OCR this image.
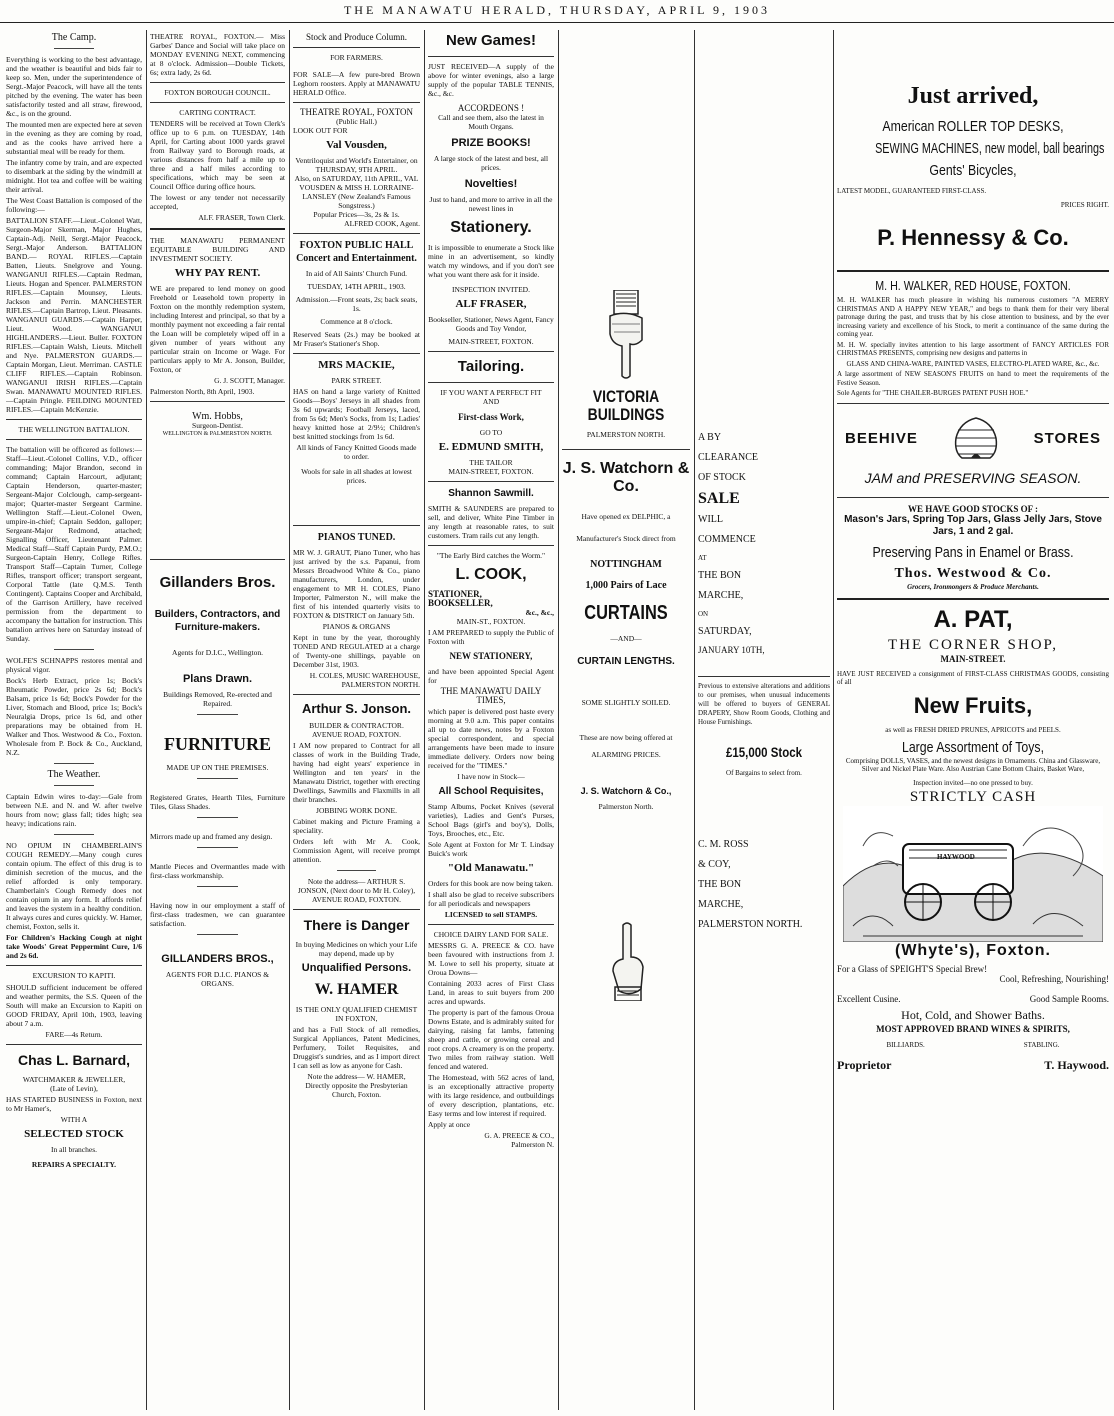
THE MANAWATU HERALD, THURSDAY, APRIL 9, 1903
The Camp.

Everything is working to the best advantage, and the weather is beautiful and bids fair to keep so. Men, under the superintendence of Sergt.-Major Peacock, will have all the tents pitched by the evening. The water has been satisfactorily tested and all straw, firewood, &c., is on the ground.

The mounted men are expected here at seven in the evening as they are coming by road, and as the cooks have arrived here a substantial meal will be ready for them.

The infantry come by train, and are expected to disembark at the siding by the windmill at midnight. Hot tea and coffee will be waiting their arrival.

The West Coast Battalion is composed of the following:—

BATTALION STAFF.—Lieut.-Colonel Watt, Surgeon-Major Skerman, Major Hughes, Captain-Adj. Neill, Sergt.-Major Peacock, Sergt.-Major Anderson. BATTALION BAND.— ROYAL RIFLES.—Captain Batten, Lieuts. Snelgrove and Young. WANGANUI RIFLES.—Captain Redman, Lieuts. Hogan and Spencer. PALMERSTON RIFLES.—Captain Mounsey, Lieuts. Jackson and Perrin. MANCHESTER RIFLES.—Captain Bartrop, Lieut. Pleasants. WANGANUI GUARDS.—Captain Harper, Lieut. Wood. WANGANUI HIGHLANDERS.—Lieut. Buller. FOXTON RIFLES.—Captain Walsh, Lieuts. Mitchell and Nye. PALMERSTON GUARDS.—Captain Morgan, Lieut. Merriman. CASTLE CLIFF RIFLES.—Captain Robinson. WANGANUI IRISH RIFLES.—Captain Swan. MANAWATU MOUNTED RIFLES.—Captain Pringle. FEILDING MOUNTED RIFLES.—Captain McKenzie.

THE WELLINGTON BATTALION.

The battalion will be officered as follows:—Staff—Lieut.-Colonel Collins, V.D., officer commanding; Major Brandon, second in command; Captain Harcourt, adjutant; Captain Henderson, quarter-master; Sergeant-Major Colclough, camp-sergeant-major; Quarter-master Sergeant Carmine. Wellington Staff.—Lieut.-Colonel Owen, umpire-in-chief; Captain Seddon, galloper; Sergeant-Major Redmond, attached; Signalling Officer, Lieutenant Palmer. Medical Staff—Staff Captain Purdy, P.M.O.; Surgeon-Captain Henry, College Rifles. Transport Staff—Captain Turner, College Rifles, transport officer; transport sergeant, Corporal Tattle (late Q.M.S. Tenth Contingent). Captains Cooper and Archibald, of the Garrison Artillery, have received permission from the department to accompany the battalion for instruction. This battalion arrives here on Saturday instead of Sunday.

WOLFE'S SCHNAPPS restores mental and physical vigor.

Bock's Herb Extract, price 1s; Bock's Rheumatic Powder, price 2s 6d; Bock's Balsam, price 1s 6d; Bock's Powder for the Liver, Stomach and Blood, price 1s; Bock's Neuralgia Drops, price 1s 6d, and other preparations may be obtained from H. Walker and Thos. Westwood & Co., Foxton. Wholesale from P. Bock & Co., Auckland, N.Z.

The Weather.

Captain Edwin wires to-day:—Gale from between N.E. and N. and W. after twelve hours from now; glass fall; tides high; sea heavy; indications rain.

NO OPIUM IN CHAMBERLAIN'S COUGH REMEDY.—Many cough cures contain opium. The effect of this drug is to diminish secretion of the mucus, and the relief afforded is only temporary. Chamberlain's Cough Remedy does not contain opium in any form. It affords relief and leaves the system in a healthy condition. It always cures and cures quickly. W. Hamer, chemist, Foxton, sells it.

For Children's Hacking Cough at night take Woods' Great Peppermint Cure, 1/6 and 2s 6d.

EXCURSION TO KAPITI.

SHOULD sufficient inducement be offered and weather permits, the S.S. Queen of the South will make an Excursion to Kapiti on GOOD FRIDAY, April 10th, 1903, leaving about 7 a.m.

FARE—4s Return.
Chas L. Barnard,
WATCHMAKER & JEWELLER,
(Late of Levin),

HAS STARTED BUSINESS in Foxton, next to Mr Hamer's,

WITH A
SELECTED STOCK
In all branches.
REPAIRS A SPECIALTY.

THEATRE ROYAL, FOXTON.— Miss Garbes' Dance and Social will take place on MONDAY EVENING NEXT, commencing at 8 o'clock. Admission—Double Tickets, 6s; extra lady, 2s 6d.

FOXTON BOROUGH COUNCIL.
CARTING CONTRACT.

TENDERS will be received at Town Clerk's office up to 6 p.m. on TUESDAY, 14th April, for Carting about 1000 yards gravel from Railway yard to Borough roads, at various distances from half a mile up to three and a half miles according to specifications, which may be seen at Council Office during office hours.

The lowest or any tender not necessarily accepted,

ALF. FRASER, Town Clerk.

THE MANAWATU PERMANENT EQUITABLE BUILDING AND INVESTMENT SOCIETY.

WHY PAY RENT.

WE are prepared to lend money on good Freehold or Leasehold town property in Foxton on the monthly redemption system, including Interest and principal, so that by a monthly payment not exceeding a fair rental the Loan will be completely wiped off in a given number of years without any particular strain on Income or Wage. For particulars apply to Mr A. Jonson, Builder, Foxton, or

G. J. SCOTT, Manager.

Palmerston North, 8th April, 1903.

Wm. Hobbs,
Surgeon-Dentist.
WELLINGTON & PALMERSTON NORTH.
Gillanders Bros.
Builders, Contractors, and Furniture-makers.
Agents for D.I.C., Wellington.
Plans Drawn.
Buildings Removed, Re-erected and Repaired.
FURNITURE
MADE UP ON THE PREMISES.

Registered Grates, Hearth Tiles, Furniture Tiles, Glass Shades.

Mirrors made up and framed any design.

Mantle Pieces and Overmantles made with first-class workmanship.

Having now in our employment a staff of first-class tradesmen, we can guarantee satisfaction.

GILLANDERS BROS.,
AGENTS FOR D.I.C. PIANOS & ORGANS.
Stock and Produce Column.
FOR FARMERS.

FOR SALE—A few pure-bred Brown Leghorn roosters. Apply at MANAWATU HERALD Office.

THEATRE ROYAL, FOXTON
(Public Hall.)
LOOK OUT FOR
Val Vousden,
Ventriloquist and World's Entertainer, on
THURSDAY, 9TH APRIL.
Also, on SATURDAY, 11th APRIL, VAL VOUSDEN & MISS H. LORRAINE-LANSLEY (New Zealand's Famous Songstress.)
Popular Prices—3s, 2s & 1s.
ALFRED COOK, Agent.
FOXTON PUBLIC HALL Concert and Entertainment.
In aid of All Saints' Church Fund.
TUESDAY, 14TH APRIL, 1903.
Admission.—Front seats, 2s; back seats, 1s.
Commence at 8 o'clock.

Reserved Seats (2s.) may be booked at Mr Fraser's Stationer's Shop.

MRS MACKIE,
PARK STREET.

HAS on hand a large variety of Knitted Goods—Boys' Jerseys in all shades from 3s 6d upwards; Football Jerseys, laced, from 5s 6d; Men's Socks, from 1s; Ladies' heavy knitted hose at 2/9½; Children's best knitted stockings from 1s 6d.

All kinds of Fancy Knitted Goods made to order.
Wools for sale in all shades at lowest prices.
PIANOS TUNED.

MR W. J. GRAUT, Piano Tuner, who has just arrived by the s.s. Papanui, from Messrs Broadwood White & Co., piano manufacturers, London, under engagement to MR H. COLES, Piano Importer, Palmerston N., will make the first of his intended quarterly visits to FOXTON & DISTRICT on January 5th.

PIANOS & ORGANS

Kept in tune by the year, thoroughly TONED AND REGULATED at a charge of Twenty-one shillings, payable on December 31st, 1903.

H. COLES, MUSIC WAREHOUSE, PALMERSTON NORTH.
Arthur S. Jonson.
BUILDER & CONTRACTOR.
AVENUE ROAD, FOXTON.

I AM now prepared to Contract for all classes of work in the Building Trade, having had eight years' experience in Wellington and ten years' in the Manawatu District, together with erecting Dwellings, Sawmills and Flaxmills in all their branches.

JOBBING WORK DONE.

Cabinet making and Picture Framing a speciality.

Orders left with Mr A. Cook, Commission Agent, will receive prompt attention.

Note the address— ARTHUR S. JONSON, (Next door to Mr H. Coley), AVENUE ROAD, FOXTON.
There is Danger
In buying Medicines on which your Life may depend, made up by
Unqualified Persons.
W. HAMER
IS THE ONLY QUALIFIED CHEMIST IN FOXTON,

and has a Full Stock of all remedies, Surgical Appliances, Patent Medicines, Perfumery, Toilet Requisites, and Druggist's sundries, and as I import direct I can sell as low as anyone for Cash.

Note the address— W. HAMER,
Directly opposite the Presbyterian Church, Foxton.
New Games!

JUST RECEIVED—A supply of the above for winter evenings, also a large supply of the popular TABLE TENNIS, &c., &c.

ACCORDEONS !
Call and see them, also the latest in Mouth Organs.
PRIZE BOOKS!
A large stock of the latest and best, all prices.
Novelties!
Just to hand, and more to arrive in all the newest lines in
Stationery.

It is impossible to enumerate a Stock like mine in an advertisement, so kindly watch my windows, and if you don't see what you want there ask for it inside.

INSPECTION INVITED.
ALF FRASER,
Bookseller, Stationer, News Agent, Fancy Goods and Toy Vendor,
MAIN-STREET, FOXTON.
Tailoring.
IF YOU WANT A PERFECT FIT
AND
First-class Work,
GO TO
E. EDMUND SMITH,
THE TAILOR
MAIN-STREET, FOXTON.
Shannon Sawmill.

SMITH & SAUNDERS are prepared to sell, and deliver, White Pine Timber in any length at reasonable rates, to suit customers. Tram rails cut any length.

"The Early Bird catches the Worm."
L. COOK,
STATIONER,
BOOKSELLER,
&c., &c.,
MAIN-ST., FOXTON.

I AM PREPARED to supply the Public of Foxton with

NEW STATIONERY,

and have been appointed Special Agent for

THE MANAWATU DAILY TIMES,

which paper is delivered post haste every morning at 9.0 a.m. This paper contains all up to date news, notes by a Foxton special correspondent, and special arrangements have been made to insure immediate delivery. Orders now being received for the "TIMES."

I have now in Stock—
All School Requisites,

Stamp Albums, Pocket Knives (several varieties), Ladies and Gent's Purses, School Bags (girl's and boy's), Dolls, Toys, Brooches, etc., Etc.

Sole Agent at Foxton for Mr T. Lindsay Buick's work

"Old Manawatu."

Orders for this book are now being taken.

I shall also be glad to receive subscribers for all periodicals and newspapers

LICENSED to sell STAMPS.
CHOICE DAIRY LAND FOR SALE.

MESSRS G. A. PREECE & CO. have been favoured with instructions from J. M. Lowe to sell his property, situate at Oroua Downs—

Containing 2033 acres of First Class Land, in areas to suit buyers from 200 acres and upwards.

The property is part of the famous Oroua Downs Estate, and is admirably suited for dairying, raising fat lambs, fattening sheep and cattle, or growing cereal and root crops. A creamery is on the property. Two miles from railway station. Well fenced and watered.

The Homestead, with 562 acres of land, is an exceptionally attractive property with its large residence, and outbuildings of every description, plantations, etc. Easy terms and low interest if required.

Apply at once

G. A. PREECE & CO.,
Palmerston N.
VICTORIA BUILDINGS
PALMERSTON NORTH.
J. S. Watchorn & Co.
Have opened ex DELPHIC, a Manufacturer's Stock direct from
NOTTINGHAM
1,000 Pairs of Lace
CURTAINS
—AND—
CURTAIN LENGTHS.
SOME SLIGHTLY SOILED.
These are now being offered at
ALARMING PRICES.
J. S. Watchorn & Co.,
Palmerston North.
A BY
CLEARANCE
OF STOCK
SALE
WILL
COMMENCE
AT
THE BON
MARCHE,
ON
SATURDAY,
JANUARY 10TH,

Previous to extensive alterations and additions to our premises, when unusual inducements will be offered to buyers of GENERAL DRAPERY, Show Room Goods, Clothing and House Furnishings.

£15,000 Stock
Of Bargains to select from.
C. M. ROSS
& COY,
THE BON
MARCHE,
PALMERSTON NORTH.
Just arrived,
American ROLLER TOP DESKS,
SEWING MACHINES, new model, ball bearings
Gents' Bicycles,
LATEST MODEL, GUARANTEED FIRST-CLASS.
PRICES RIGHT.
P. Hennessy & Co.
M. H. WALKER, RED HOUSE, FOXTON.

M. H. WALKER has much pleasure in wishing his numerous customers "A MERRY CHRISTMAS AND A HAPPY NEW YEAR," and begs to thank them for their very liberal patronage during the past, and trusts that by his close attention to business, and by the ever increasing variety and excellence of his Stock, to merit a continuance of the same during the coming year.

M. H. W. specially invites attention to his large assortment of FANCY ARTICLES FOR CHRISTMAS PRESENTS, comprising new designs and patterns in

GLASS AND CHINA-WARE, PAINTED VASES, ELECTRO-PLATED WARE, &c., &c.

A large assortment of NEW SEASON'S FRUITS on hand to meet the requirements of the Festive Season.

Sole Agents for "THE CHAILER-BURGES PATENT PUSH HOE."

BEEHIVE	STORES
JAM and PRESERVING SEASON.
WE HAVE GOOD STOCKS OF :
Mason's Jars, Spring Top Jars, Glass Jelly Jars, Stove Jars, 1 and 2 gal.
Preserving Pans in Enamel or Brass.
Thos. Westwood & Co.
Grocers, Ironmongers & Produce Merchants.
A. PAT,
THE CORNER SHOP,
MAIN-STREET.

HAVE JUST RECEIVED a consignment of FIRST-CLASS CHRISTMAS GOODS, consisting of all

New Fruits,
as well as FRESH DRIED PRUNES, APRICOTS and PEELS.
Large Assortment of Toys,
Comprising DOLLS, VASES, and the newest designs in Ornaments. China and Glassware, Silver and Nickel Plate Ware. Also Austrian Cane Bottom Chairs, Basket Ware,
Inspection invited—no one pressed to buy.
STRICTLY CASH
HAYWOOD
(Whyte's), Foxton.
For a Glass of SPEIGHT'S Special Brew!
Cool, Refreshing, Nourishing!
Excellent Cusine.	Good Sample Rooms.
Hot, Cold, and Shower Baths.
MOST APPROVED BRAND WINES & SPIRITS,
BILLIARDS.	STABLING.
Proprietor	T. Haywood.
